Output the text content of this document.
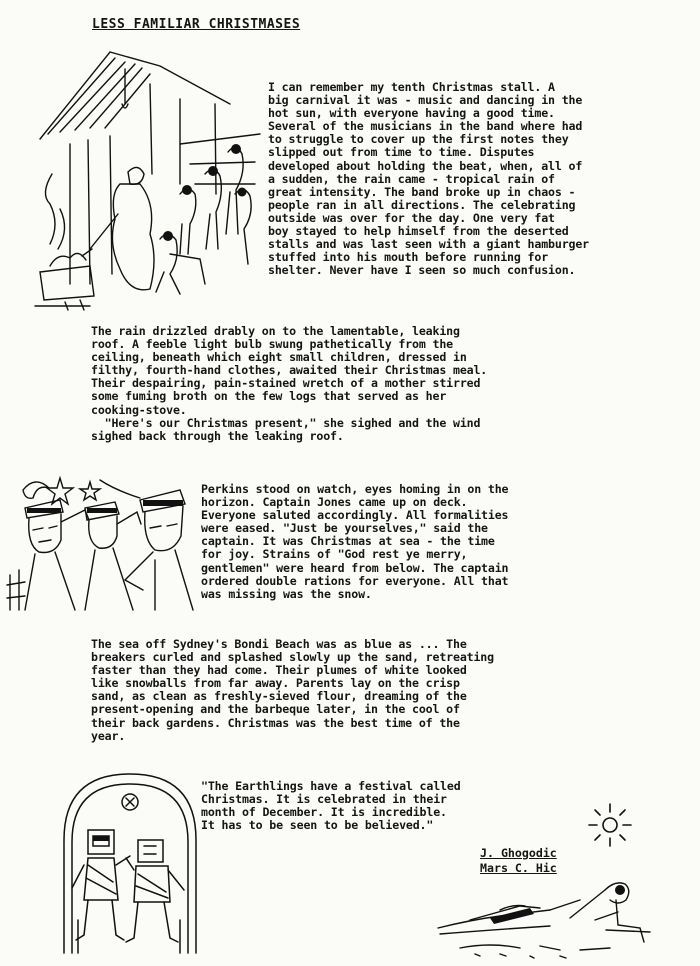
LESS FAMILIAR CHRISTMASES
I can remember my tenth Christmas stall. A
big carnival it was - music and dancing in the
hot sun, with everyone having a good time.
Several of the musicians in the band where had
to struggle to cover up the first notes they
slipped out from time to time. Disputes
developed about holding the beat, when, all of
a sudden, the rain came - tropical rain of
great intensity. The band broke up in chaos -
people ran in all directions. The celebrating
outside was over for the day. One very fat
boy stayed to help himself from the deserted
stalls and was last seen with a giant hamburger
stuffed into his mouth before running for
shelter. Never have I seen so much confusion.
The rain drizzled drably on to the lamentable, leaking
roof. A feeble light bulb swung pathetically from the
ceiling, beneath which eight small children, dressed in
filthy, fourth-hand clothes, awaited their Christmas meal.
Their despairing, pain-stained wretch of a mother stirred
some fuming broth on the few logs that served as her
cooking-stove.
"Here's our Christmas present," she sighed and the wind
sighed back through the leaking roof.
Perkins stood on watch, eyes homing in on the
horizon. Captain Jones came up on deck.
Everyone saluted accordingly. All formalities
were eased. "Just be yourselves," said the
captain. It was Christmas at sea - the time
for joy. Strains of "God rest ye merry,
gentlemen" were heard from below. The captain
ordered double rations for everyone. All that
was missing was the snow.
The sea off Sydney's Bondi Beach was as blue as ... The
breakers curled and splashed slowly up the sand, retreating
faster than they had come. Their plumes of white looked
like snowballs from far away. Parents lay on the crisp
sand, as clean as freshly-sieved flour, dreaming of the
present-opening and the barbeque later, in the cool of
their back gardens. Christmas was the best time of the
year.
"The Earthlings have a festival called
Christmas. It is celebrated in their
month of December. It is incredible.
It has to be seen to be believed."
J. Ghogodic
Mars C. Hic
